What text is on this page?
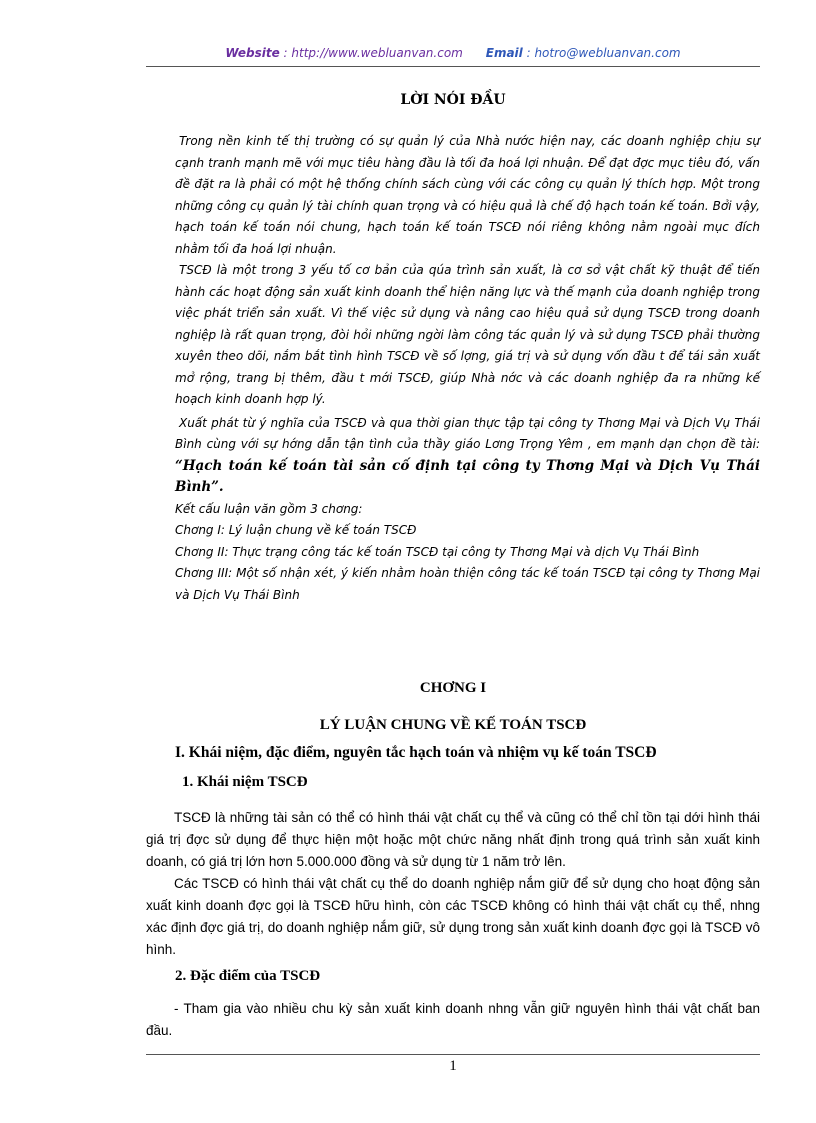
Website : http://www.webluanvan.com Email : hotro@webluanvan.com
LỜI NÓI ĐẦU

Trong nền kinh tế thị trường có sự quản lý của Nhà nước hiện nay, các doanh nghiệp chịu sự cạnh tranh mạnh mẽ với mục tiêu hàng đầu là tối đa hoá lợi nhuận. Để đạt đợc mục tiêu đó, vấn đề đặt ra là phải có một hệ thống chính sách cùng với các công cụ quản lý thích hợp. Một trong những công cụ quản lý tài chính quan trọng và có hiệu quả là chế độ hạch toán kế toán. Bởi vậy, hạch toán kế toán nói chung, hạch toán kế toán TSCĐ nói riêng không nằm ngoài mục đích nhằm tối đa hoá lợi nhuận.

TSCĐ là một trong 3 yếu tố cơ bản của qúa trình sản xuất, là cơ sở vật chất kỹ thuật để tiến hành các hoạt động sản xuất kinh doanh thể hiện năng lực và thế mạnh của doanh nghiệp trong việc phát triển sản xuất. Vì thế việc sử dụng và nâng cao hiệu quả sử dụng TSCĐ trong doanh nghiệp là rất quan trọng, đòi hỏi những ngời làm công tác quản lý và sử dụng TSCĐ phải thường xuyên theo dõi, nắm bắt tình hình TSCĐ về số lợng, giá trị và sử dụng vốn đầu t để tái sản xuất mở rộng, trang bị thêm, đầu t mới TSCĐ, giúp Nhà nớc và các doanh nghiệp đa ra những kế hoạch kinh doanh hợp lý.

Xuất phát từ ý nghĩa của TSCĐ và qua thời gian thực tập tại công ty Thơng Mại và Dịch Vụ Thái Bình cùng với sự hớng dẫn tận tình của thầy giáo Lơng Trọng Yêm , em mạnh dạn chọn đề tài: “Hạch toán kế toán tài sản cố định tại công ty Thơng Mại và Dịch Vụ Thái Bình”.

Kết cấu luận văn gồm 3 chơng:

Chơng I: Lý luận chung về kế toán TSCĐ

Chơng II: Thực trạng công tác kế toán TSCĐ tại công ty Thơng Mại và dịch Vụ Thái Bình

Chơng III: Một số nhận xét, ý kiến nhằm hoàn thiện công tác kế toán TSCĐ tại công ty Thơng Mại và Dịch Vụ Thái Bình

CHƠNG I
LÝ LUẬN CHUNG VỀ KẾ TOÁN TSCĐ
I. Khái niệm, đặc điểm, nguyên tắc hạch toán và nhiệm vụ kế toán TSCĐ
1. Khái niệm TSCĐ

TSCĐ là những tài sản có thể có hình thái vật chất cụ thể và cũng có thể chỉ tồn tại dới hình thái giá trị đợc sử dụng để thực hiện một hoặc một chức năng nhất định trong quá trình sản xuất kinh doanh, có giá trị lớn hơn 5.000.000 đồng và sử dụng từ 1 năm trở lên.

Các TSCĐ có hình thái vật chất cụ thể do doanh nghiệp nắm giữ để sử dụng cho hoạt động sản xuất kinh doanh đợc gọi là TSCĐ hữu hình, còn các TSCĐ không có hình thái vật chất cụ thể, nhng xác định đợc giá trị, do doanh nghiệp nắm giữ, sử dụng trong sản xuất kinh doanh đợc gọi là TSCĐ vô hình.

2. Đặc điểm của TSCĐ

- Tham gia vào nhiều chu kỳ sản xuất kinh doanh nhng vẫn giữ nguyên hình thái vật chất ban đầu.

1
